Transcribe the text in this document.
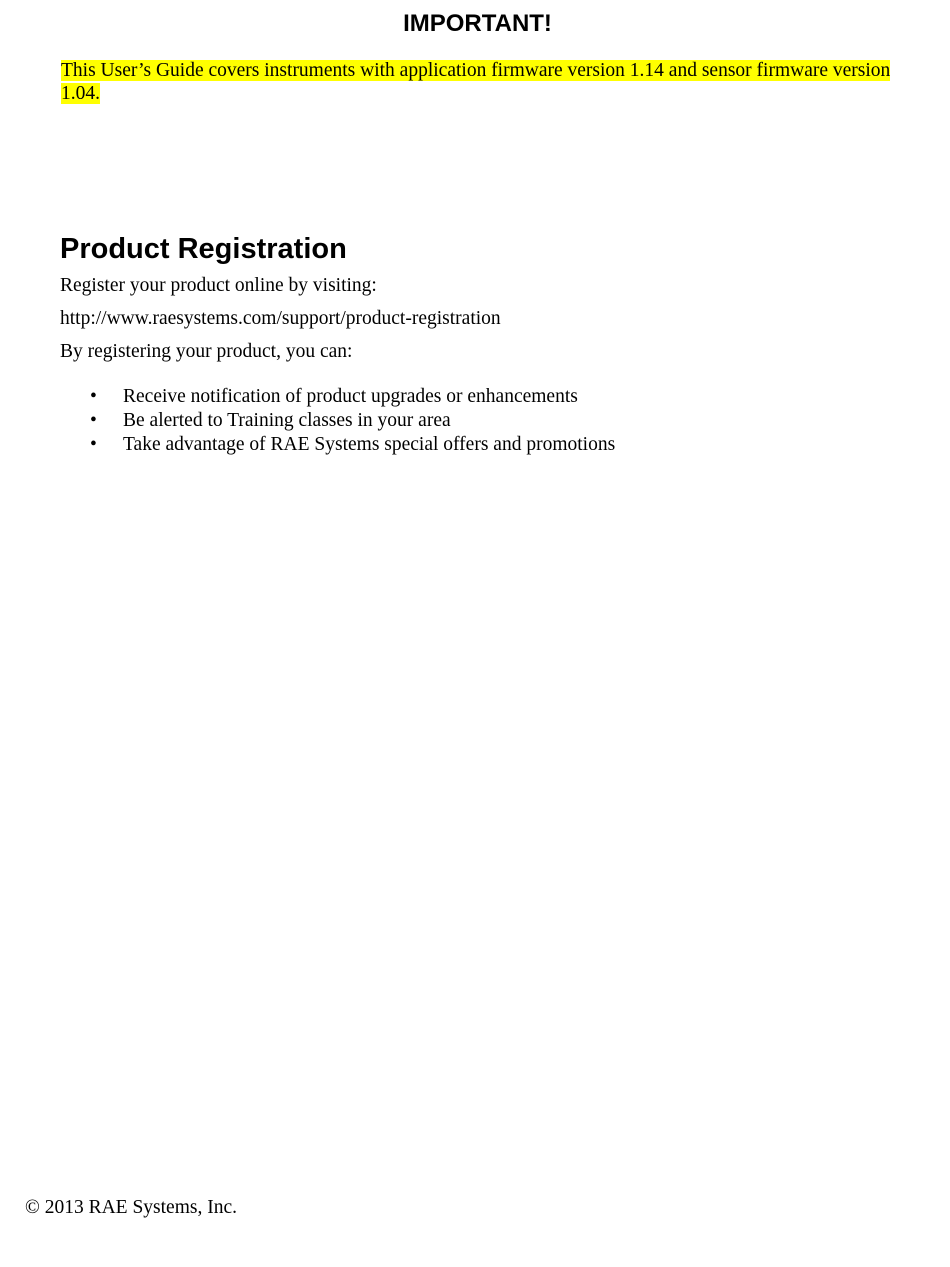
IMPORTANT!

This User’s Guide covers instruments with application firmware version 1.14 and sensor firmware version 1.04.

Product Registration

Register your product online by visiting:

http://www.raesystems.com/support/product-registration

By registering your product, you can:

• Receive notification of product upgrades or enhancements
• Be alerted to Training classes in your area
• Take advantage of RAE Systems special offers and promotions

© 2013 RAE Systems, Inc.
